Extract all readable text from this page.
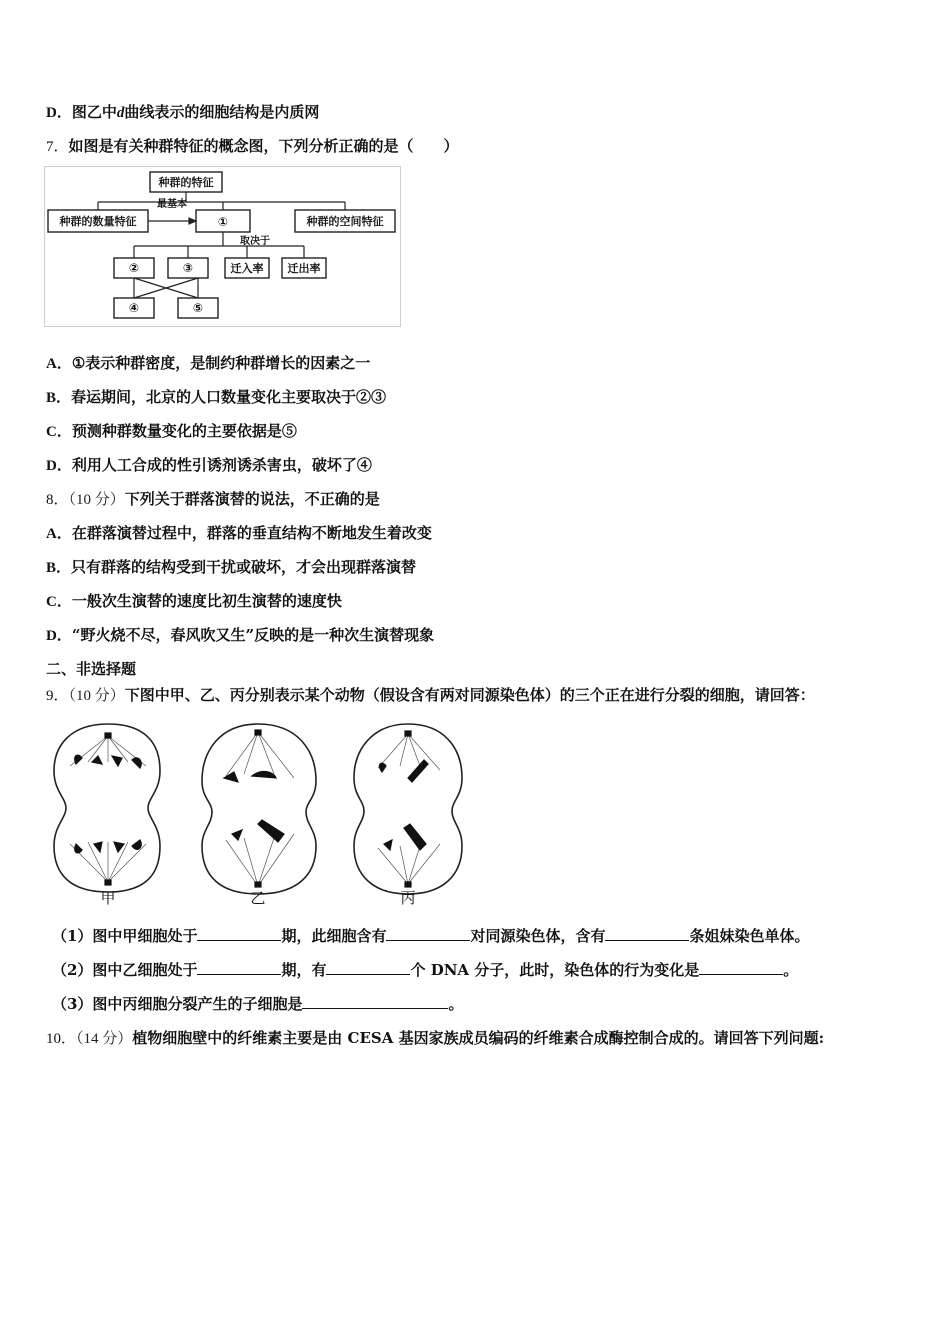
D．图乙中d曲线表示的细胞结构是内质网
7．如图是有关种群特征的概念图，下列分析正确的是（　　）
种群的特征
种群的数量特征	①	种群的空间特征
最基本
取决于
②	③	迁入率 迁出率
④	⑤
A．①表示种群密度，是制约种群增长的因素之一
B．春运期间，北京的人口数量变化主要取决于②③
C．预测种群数量变化的主要依据是⑤
D．利用人工合成的性引诱剂诱杀害虫，破坏了④
8．（10 分）下列关于群落演替的说法，不正确的是
A．在群落演替过程中，群落的垂直结构不断地发生着改变
B．只有群落的结构受到干扰或破坏，才会出现群落演替
C．一般次生演替的速度比初生演替的速度快
D．“野火烧不尽，春风吹又生”反映的是一种次生演替现象
二、非选择题
9．（10 分）下图中甲、乙、丙分别表示某个动物（假设含有两对同源染色体）的三个正在进行分裂的细胞，请回答：
甲	乙	丙
（1）图中甲细胞处于	期，此细胞含有	对同源染色体，含有	条姐妹染色单体。
（2）图中乙细胞处于	期，有	个 DNA 分子，此时，染色体的行为变化是	。
（3）图中丙细胞分裂产生的子细胞是	。
10．（14 分）植物细胞壁中的纤维素主要是由 CESA 基因家族成员编码的纤维素合成酶控制合成的。请回答下列问题:
